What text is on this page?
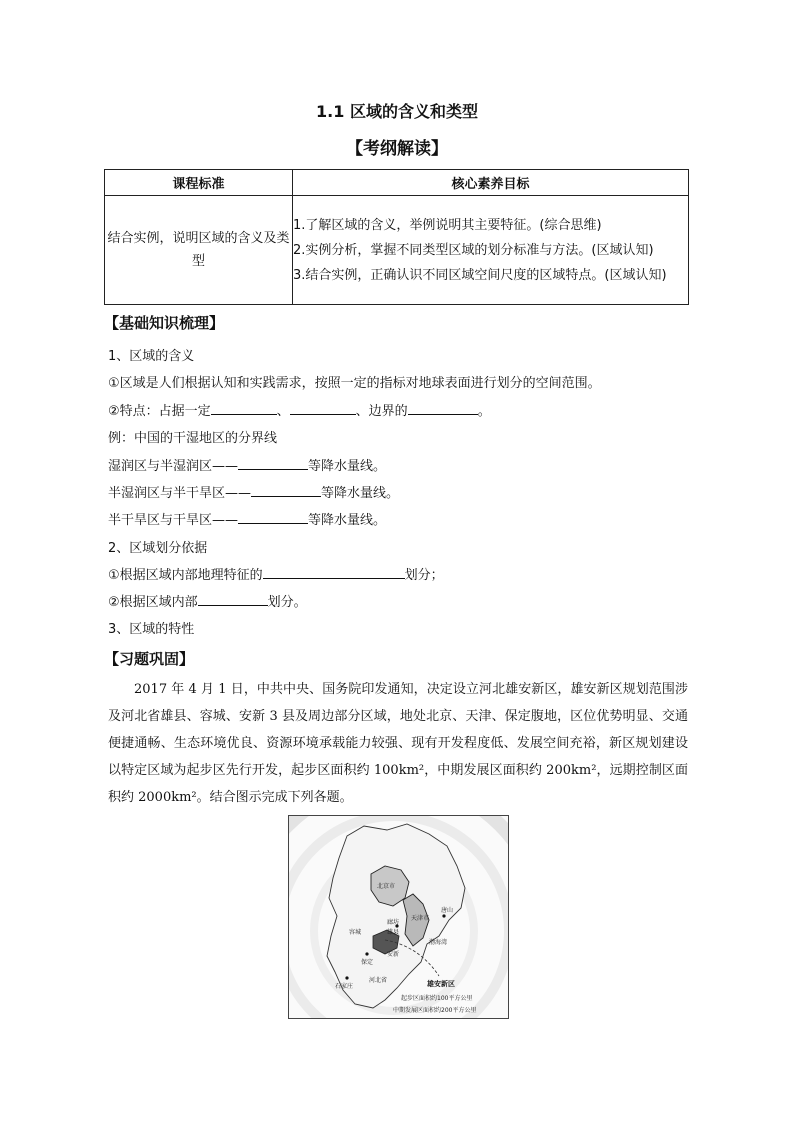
1.1 区域的含义和类型
【考纲解读】
课程标准	核心素养目标
结合实例，说明区域的含义及类型	1.了解区域的含义，举例说明其主要特征。(综合思维)
2.实例分析，掌握不同类型区域的划分标准与方法。(区域认知)
3.结合实例，正确认识不同区域空间尺度的区域特点。(区域认知)
【基础知识梳理】
1、区域的含义
①区域是人们根据认知和实践需求，按照一定的指标对地球表面进行划分的空间范围。
②特点：占据一定	、	、边界的	。
例：中国的干湿地区的分界线
湿润区与半湿润区——	等降水量线。
半湿润区与半干旱区——	等降水量线。
半干旱区与干旱区——	等降水量线。
2、区域划分依据
①根据区域内部地理特征的	划分；
②根据区域内部	划分。
3、区域的特性
【习题巩固】
2017 年 4 月 1 日，中共中央、国务院印发通知，决定设立河北雄安新区，雄安新区规划范围涉及河北省雄县、容城、安新 3 县及周边部分区域，地处北京、天津、保定腹地，区位优势明显、交通便捷通畅、生态环境优良、资源环境承载能力较强、现有开发程度低、发展空间充裕，新区规划建设以特定区域为起步区先行开发，起步区面积约 100km²，中期发展区面积约 200km²，远期控制区面积约 2000km²。结合图示完成下列各题。
北京市
天津市
廊坊
唐山
容城	雄县
安新
渤海湾
保定
石家庄
河北省	雄安新区
起步区面积约100平方公里
中期发展区面积约200平方公里
